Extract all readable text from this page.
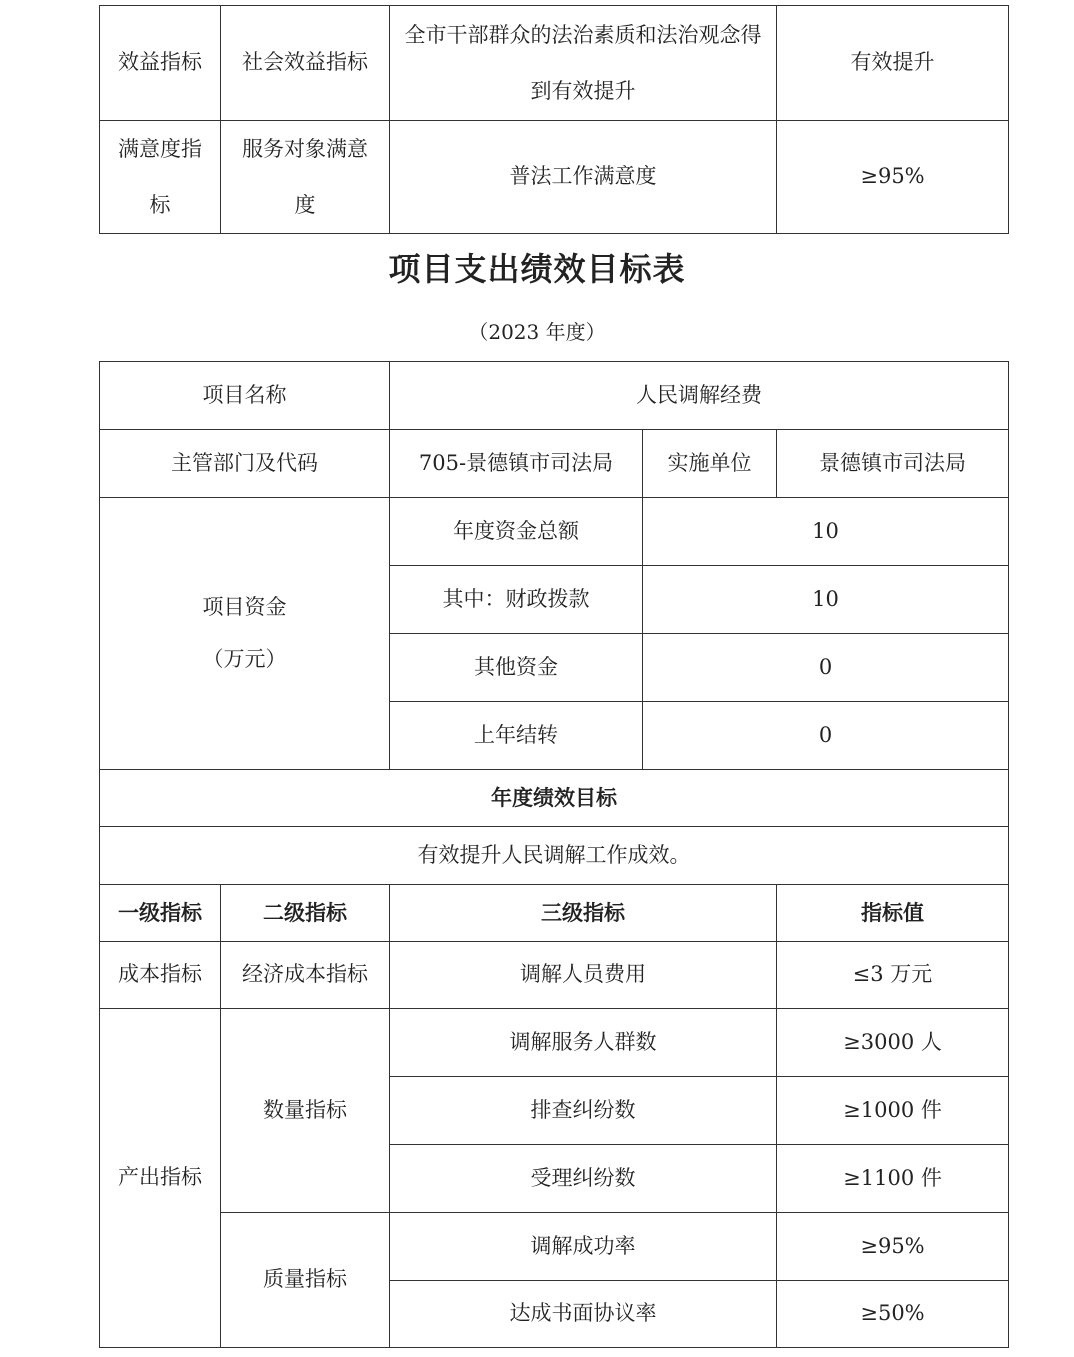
效益指标	社会效益指标	全市干部群众的法治素质和法治观念得到有效提升	有效提升
满意度指标	服务对象满意度	普法工作满意度	≥95%
项目支出绩效目标表
（2023 年度）
项目名称		人民调解经费		
主管部门及代码		705-景德镇市司法局	实施单位	景德镇市司法局

项目资金
（万元）		年度资金总额	10	
		其中：财政拨款	10	
		其他资金	0	
		上年结转	0	
年度绩效目标				
有效提升人民调解工作成效。				
一级指标	二级指标	三级指标		指标值
成本指标	经济成本指标	调解人员费用		≤3 万元
产出指标	数量指标	调解服务人群数		≥3000 人
		排查纠纷数		≥1000 件
		受理纠纷数		≥1100 件
	质量指标	调解成功率		≥95%
		达成书面协议率		≥50%
